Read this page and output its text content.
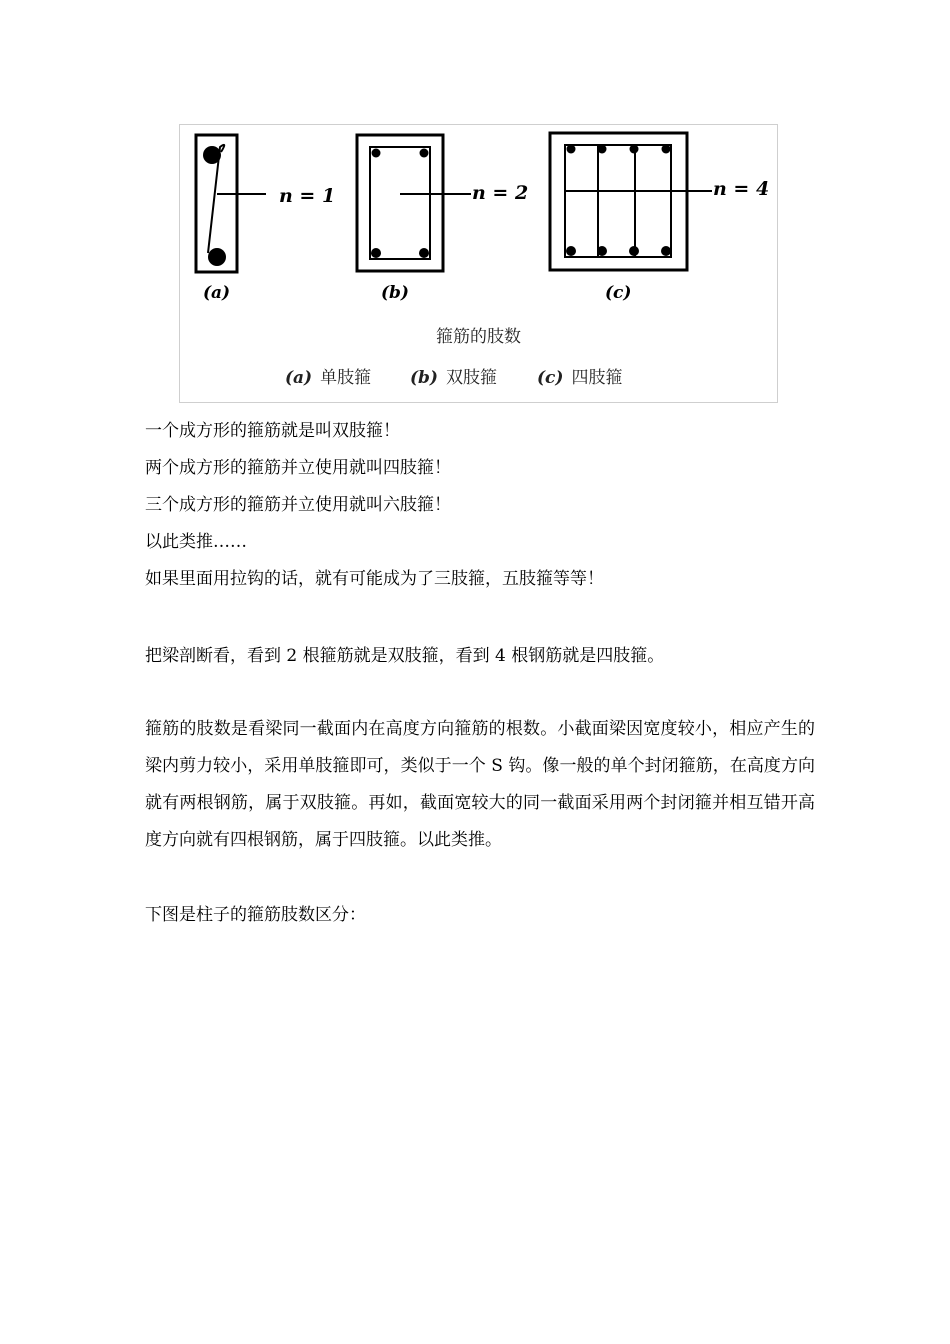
n = 1	n = 2	n = 4
(a)	(b)	(c)
箍筋的肢数
(a) 单肢箍 (b) 双肢箍 (c) 四肢箍
一个成方形的箍筋就是叫双肢箍！
两个成方形的箍筋并立使用就叫四肢箍！
三个成方形的箍筋并立使用就叫六肢箍！
以此类推……
如果里面用拉钩的话，就有可能成为了三肢箍，五肢箍等等！
把梁剖断看，看到 2 根箍筋就是双肢箍，看到 4 根钢筋就是四肢箍。
箍筋的肢数是看梁同一截面内在高度方向箍筋的根数。小截面梁因宽度较小，相应产生的梁内剪力较小，采用单肢箍即可，类似于一个 S 钩。像一般的单个封闭箍筋，在高度方向就有两根钢筋，属于双肢箍。再如，截面宽较大的同一截面采用两个封闭箍并相互错开高度方向就有四根钢筋，属于四肢箍。以此类推。
下图是柱子的箍筋肢数区分：
